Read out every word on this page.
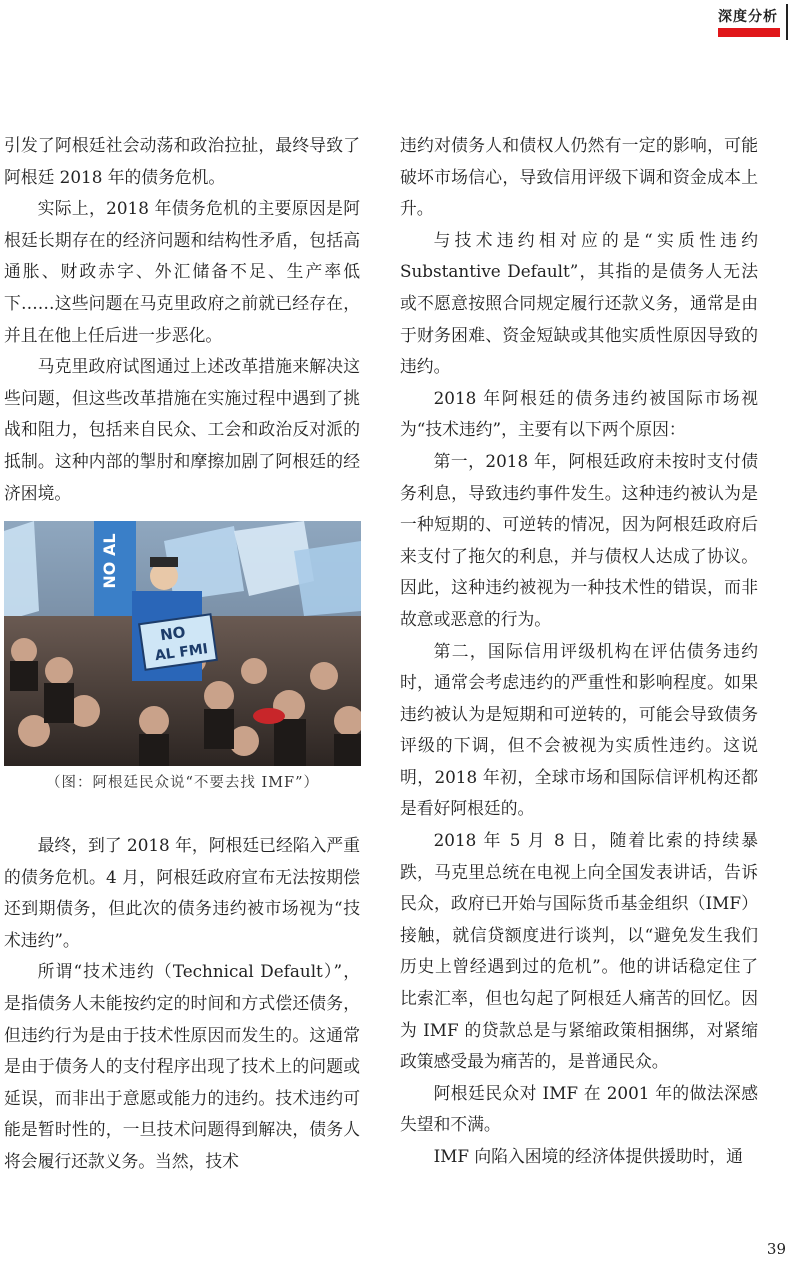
深度分析

引发了阿根廷社会动荡和政治拉扯，最终导致了阿根廷 2018 年的债务危机。

实际上，2018 年债务危机的主要原因是阿根廷长期存在的经济问题和结构性矛盾，包括高通胀、财政赤字、外汇储备不足、生产率低下……这些问题在马克里政府之前就已经存在，并且在他上任后进一步恶化。

马克里政府试图通过上述改革措施来解决这些问题，但这些改革措施在实施过程中遇到了挑战和阻力，包括来自民众、工会和政治反对派的抵制。这种内部的掣肘和摩擦加剧了阿根廷的经济困境。

NO AL
NO
AL FMI
（图：阿根廷民众说“不要去找 IMF”）

最终，到了 2018 年，阿根廷已经陷入严重的债务危机。4 月，阿根廷政府宣布无法按期偿还到期债务，但此次的债务违约被市场视为“技术违约”。

所谓“技术违约（Technical Default）”，是指债务人未能按约定的时间和方式偿还债务，但违约行为是由于技术性原因而发生的。这通常是由于债务人的支付程序出现了技术上的问题或延误，而非出于意愿或能力的违约。技术违约可能是暂时性的，一旦技术问题得到解决，债务人将会履行还款义务。当然，技术

违约对债务人和债权人仍然有一定的影响，可能破坏市场信心，导致信用评级下调和资金成本上升。

与技术违约相对应的是“实质性违约 Substantive Default”，其指的是债务人无法或不愿意按照合同规定履行还款义务，通常是由于财务困难、资金短缺或其他实质性原因导致的违约。

2018 年阿根廷的债务违约被国际市场视为“技术违约”，主要有以下两个原因：

第一，2018 年，阿根廷政府未按时支付债务利息，导致违约事件发生。这种违约被认为是一种短期的、可逆转的情况，因为阿根廷政府后来支付了拖欠的利息，并与债权人达成了协议。因此，这种违约被视为一种技术性的错误，而非故意或恶意的行为。

第二，国际信用评级机构在评估债务违约时，通常会考虑违约的严重性和影响程度。如果违约被认为是短期和可逆转的，可能会导致债务评级的下调，但不会被视为实质性违约。这说明，2018 年初，全球市场和国际信评机构还都是看好阿根廷的。

2018 年 5 月 8 日，随着比索的持续暴跌，马克里总统在电视上向全国发表讲话，告诉民众，政府已开始与国际货币基金组织（IMF）接触，就信贷额度进行谈判，以“避免发生我们历史上曾经遇到过的危机”。他的讲话稳定住了比索汇率，但也勾起了阿根廷人痛苦的回忆。因为 IMF 的贷款总是与紧缩政策相捆绑，对紧缩政策感受最为痛苦的，是普通民众。

阿根廷民众对 IMF 在 2001 年的做法深感失望和不满。

IMF 向陷入困境的经济体提供援助时，通

39
